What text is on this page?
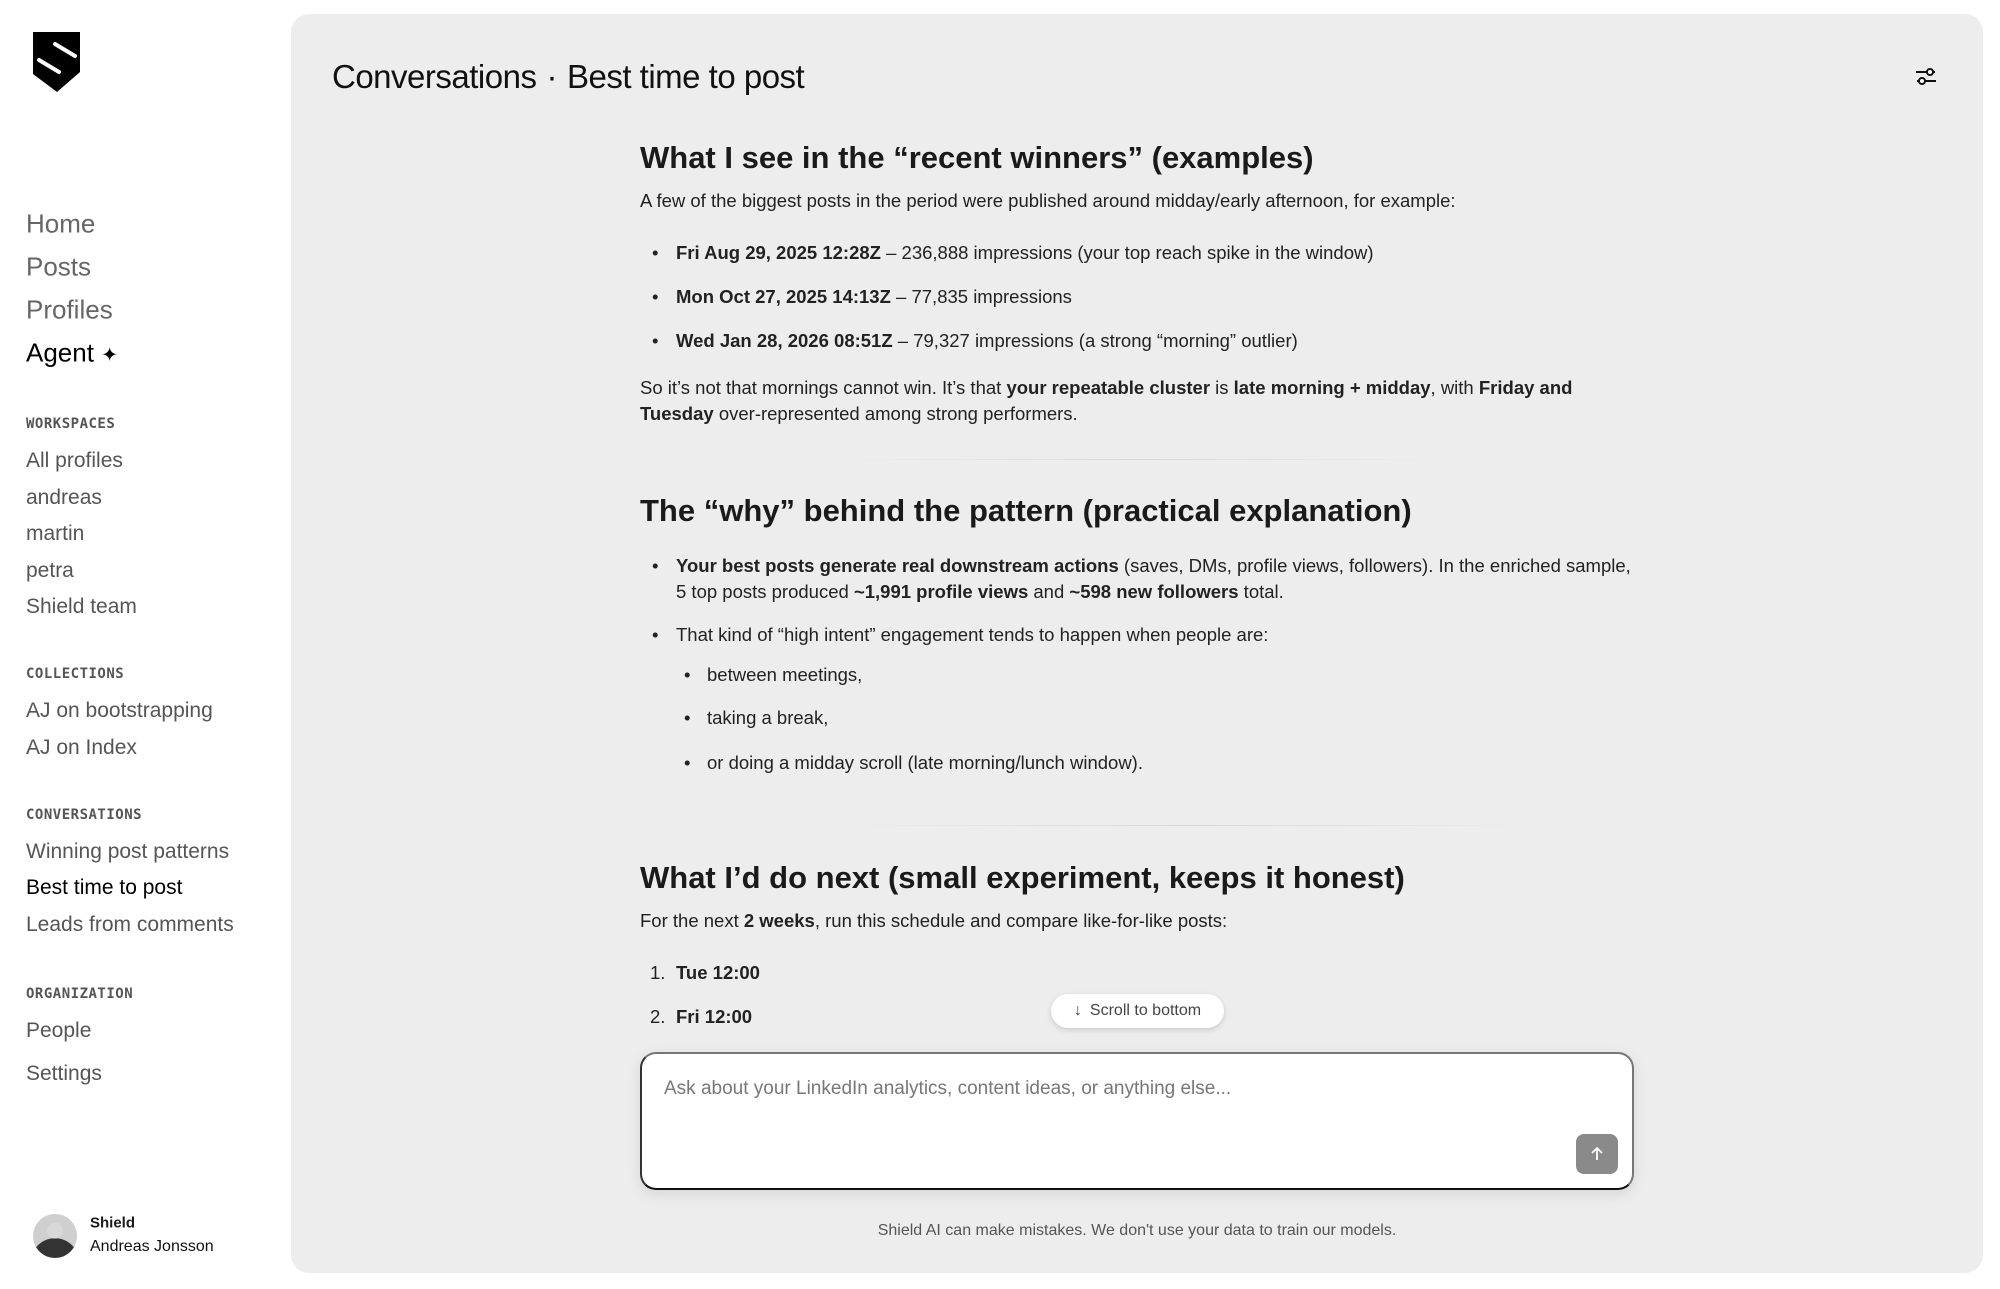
Home
Posts
Profiles
Agent ✦
WORKSPACES
All profiles
andreas
martin
petra
Shield team
COLLECTIONS
AJ on bootstrapping
AJ on Index
CONVERSATIONS
Winning post patterns
Best time to post
Leads from comments
ORGANIZATION
People
Settings
Shield
Andreas Jonsson
Conversations · Best time to post
What I see in the “recent winners” (examples)
A few of the biggest posts in the period were published around midday/early afternoon, for example:
• Fri Aug 29, 2025 12:28Z – 236,888 impressions (your top reach spike in the window)
• Mon Oct 27, 2025 14:13Z – 77,835 impressions
• Wed Jan 28, 2026 08:51Z – 79,327 impressions (a strong “morning” outlier)
So it’s not that mornings cannot win. It’s that your repeatable cluster is late morning + midday, with Friday and Tuesday over-represented among strong performers.
The “why” behind the pattern (practical explanation)
• Your best posts generate real downstream actions (saves, DMs, profile views, followers). In the enriched sample, 5 top posts produced ~1,991 profile views and ~598 new followers total.
• That kind of “high intent” engagement tends to happen when people are:
• between meetings,
• taking a break,
• or doing a midday scroll (late morning/lunch window).
What I’d do next (small experiment, keeps it honest)
For the next 2 weeks, run this schedule and compare like-for-like posts:
1. Tue 12:00
2. Fri 12:00	↓ Scroll to bottom
Ask about your LinkedIn analytics, content ideas, or anything else...
Shield AI can make mistakes. We don't use your data to train our models.
